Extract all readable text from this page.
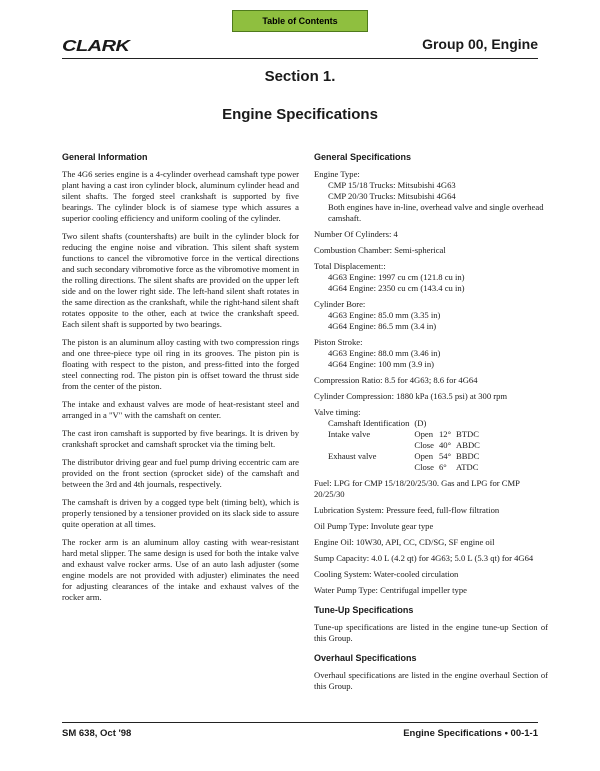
Table of Contents
CLARK	Group 00, Engine
Section 1.
Engine Specifications
General Information

The 4G6 series engine is a 4-cylinder overhead camshaft type power plant having a cast iron cylinder block, aluminum cylinder head and silent shafts. The forged steel crankshaft is supported by five bearings. The cylinder block is of siamese type which assures a superior cooling efficiency and uniform cooling of the cylinder.

Two silent shafts (countershafts) are built in the cylinder block for reducing the engine noise and vibration. This silent shaft system functions to cancel the vibromotive force in the vertical directions and such secondary vibromotive force as the vibromotive moment in the rolling directions. The silent shafts are provided on the upper left side and on the lower right side. The left-hand silent shaft rotates in the same direction as the crankshaft, while the right-hand silent shaft rotates opposite to the other, each at twice the crankshaft speed. Each silent shaft is supported by two bearings.

The piston is an aluminum alloy casting with two compression rings and one three-piece type oil ring in its grooves. The piston pin is floating with respect to the piston, and press-fitted into the forged steel connecting rod. The piston pin is offset toward the thrust side from the center of the piston.

The intake and exhaust valves are mode of heat-resistant steel and arranged in a "V" with the camshaft on center.

The cast iron camshaft is supported by five bearings. It is driven by crankshaft sprocket and camshaft sprocket via the timing belt.

The distributor driving gear and fuel pump driving eccentric cam are provided on the front section (sprocket side) of the camshaft and between the 3rd and 4th journals, respectively.

The camshaft is driven by a cogged type belt (timing belt), which is properly tensioned by a tensioner provided on its slack side to assure quite operation at all times.

The rocker arm is an aluminum alloy casting with wear-resistant hard metal slipper. The same design is used for both the intake valve and exhaust valve rocker arms. Use of an auto lash adjuster (some engine models are not provided with adjuster) eliminates the need for adjusting clearances of the intake and exhaust valves of the rocker arm.

General Specifications
Engine Type:
CMP 15/18 Trucks: Mitsubishi 4G63
CMP 20/30 Trucks: Mitsubishi 4G64
Both engines have in-line, overhead valve and single overhead camshaft.
Number Of Cylinders: 4
Combustion Chamber: Semi-spherical
Total Displacement::
4G63 Engine: 1997 cu cm (121.8 cu in)
4G64 Engine: 2350 cu cm (143.4 cu in)
Cylinder Bore:
4G63 Engine: 85.0 mm (3.35 in)
4G64 Engine: 86.5 mm (3.4 in)
Piston Stroke:
4G63 Engine: 88.0 mm (3.46 in)
4G64 Engine: 100 mm (3.9 in)
Compression Ratio: 8.5 for 4G63; 8.6 for 4G64
Cylinder Compression: 1880 kPa (163.5 psi) at 300 rpm
Valve timing:
Camshaft Identification	(D)		
Intake valve	Open	12°	BTDC
	Close	40°	ABDC
Exhaust valve	Open	54°	BBDC
	Close	6°	ATDC
Fuel: LPG for CMP 15/18/20/25/30. Gas and LPG for CMP 20/25/30
Lubrication System: Pressure feed, full-flow filtration
Oil Pump Type: Involute gear type
Engine Oil: 10W30, API, CC, CD/SG, SF engine oil
Sump Capacity: 4.0 L (4.2 qt) for 4G63; 5.0 L (5.3 qt) for 4G64
Cooling System: Water-cooled circulation
Water Pump Type: Centrifugal impeller type
Tune-Up Specifications

Tune-up specifications are listed in the engine tune-up Section of this Group.

Overhaul Specifications

Overhaul specifications are listed in the engine overhaul Section of this Group.

SM 638, Oct '98	Engine Specifications • 00-1-1
